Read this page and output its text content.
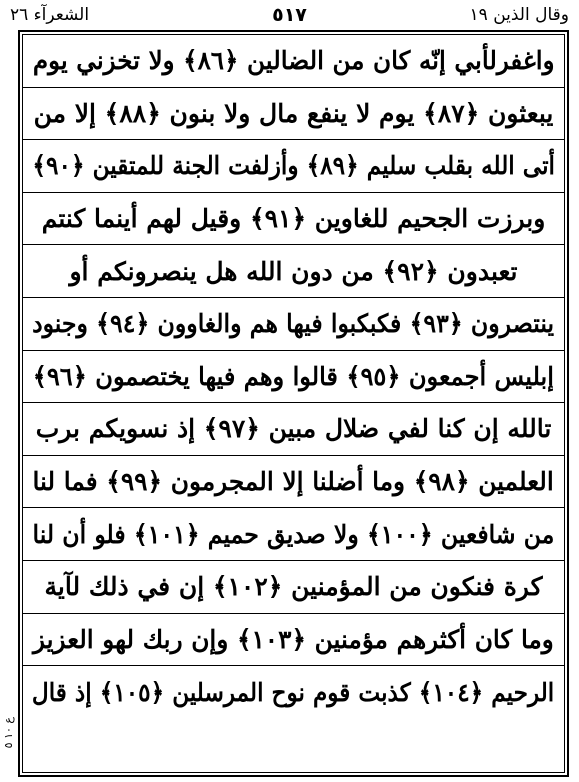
الشعرآء ٢٦	٥١٧	وقال الذين ١٩
واغفرلأبي إنّه كان من الضالين ﴿٨٦﴾ ولا تخزني يوم
يبعثون ﴿٨٧﴾ يوم لا ينفع مال ولا بنون ﴿٨٨﴾ إلا من
أتى الله بقلب سليم ﴿٨٩﴾ وأزلفت الجنة للمتقين ﴿٩٠﴾
وبرزت الجحيم للغاوين ﴿٩١﴾ وقيل لهم أينما كنتم
تعبدون ﴿٩٢﴾ من دون الله هل ينصرونكم أو
ينتصرون ﴿٩٣﴾ فكبكبوا فيها هم والغاوون ﴿٩٤﴾ وجنود
إبليس أجمعون ﴿٩٥﴾ قالوا وهم فيها يختصمون ﴿٩٦﴾
تالله إن كنا لفي ضلال مبين ﴿٩٧﴾ إذ نسويكم برب
العلمين ﴿٩٨﴾ وما أضلنا إلا المجرمون ﴿٩٩﴾ فما لنا
من شافعين ﴿١٠٠﴾ ولا صديق حميم ﴿١٠١﴾ فلو أن لنا
كرة فنكون من المؤمنين ﴿١٠٢﴾ إن في ذلك لآية
وما كان أكثرهم مؤمنين ﴿١٠٣﴾ وإن ربك لهو العزيز
الرحيم ﴿١٠٤﴾ كذبت قوم نوح المرسلين ﴿١٠٥﴾ إذ قال
ع ١٠ ٥
